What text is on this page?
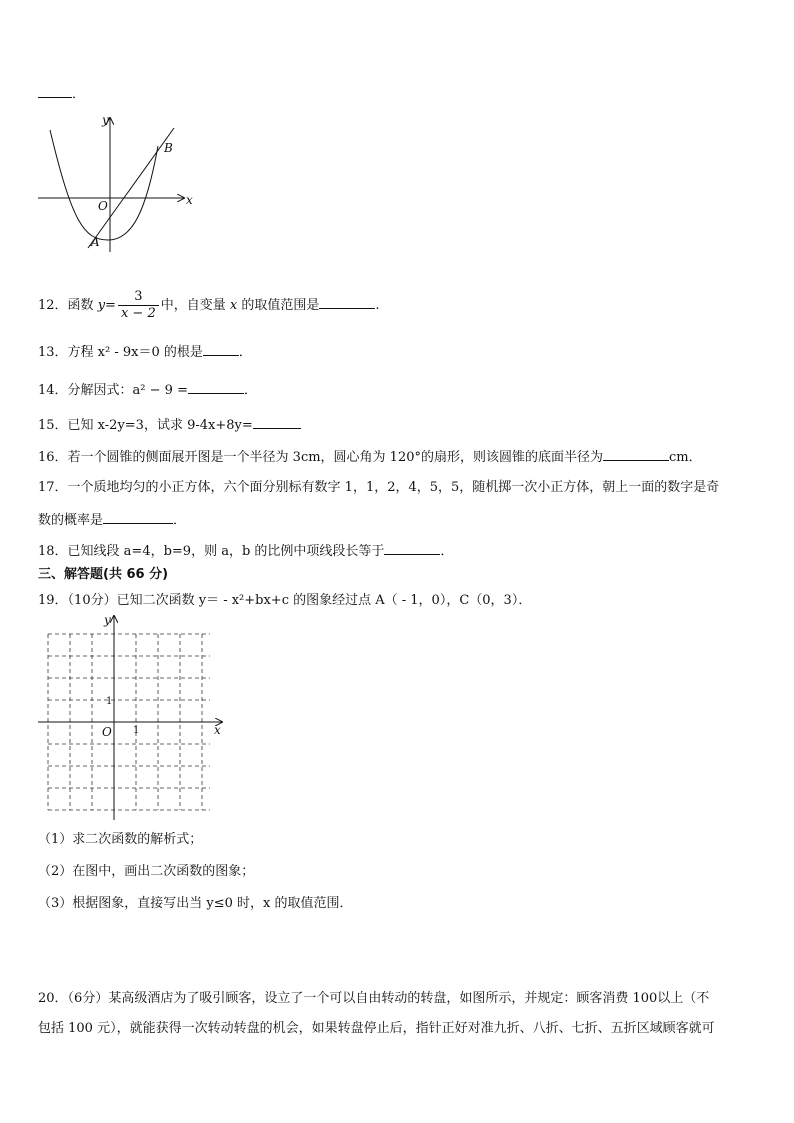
．
y
x
O
A
B
12．函数 $y= \frac{3}{x - 2}$ 中，自变量 x 的取值范围是	.
13．方程 x² - 9x＝0 的根是	．
14．分解因式：a² − 9 =	．
15．已知 x-2y=3，试求 9-4x+8y=
16．若一个圆锥的侧面展开图是一个半径为 3cm，圆心角为 120°的扇形，则该圆锥的底面半径为	cm．
17．一个质地均匀的小正方体，六个面分别标有数字 1，1，2，4，5，5，随机掷一次小正方体，朝上一面的数字是奇
数的概率是	．
18．已知线段 a=4，b=9，则 a，b 的比例中项线段长等于	．
三、解答题(共 66 分)
19．（10分）已知二次函数 y＝ - x²+bx+c 的图象经过点 A（ - 1，0），C（0，3）．
y
x
O 1
1
（1）求二次函数的解析式；
（2）在图中，画出二次函数的图象；
（3）根据图象，直接写出当 y≤0 时，x 的取值范围．
20．（6分）某高级酒店为了吸引顾客，设立了一个可以自由转动的转盘，如图所示，并规定：顾客消费 100以上（不
包括 100 元），就能获得一次转动转盘的机会，如果转盘停止后，指针正好对准九折、八折、七折、五折区域顾客就可
